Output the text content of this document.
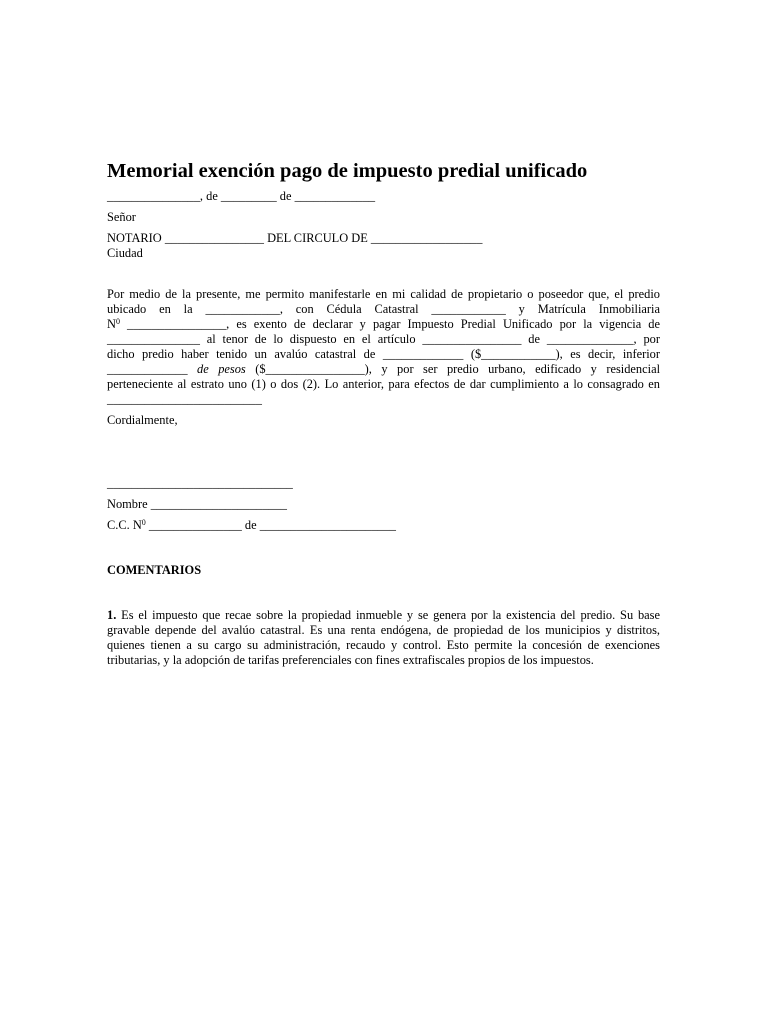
Memorial exención pago de impuesto predial unificado

_______________, de _________ de _____________

Señor

NOTARIO ________________ DEL CIRCULO DE __________________

Ciudad

Por medio de la presente, me permito manifestarle en mi calidad de propietario o poseedor que, el predio
ubicado en la ____________, con Cédula Catastral ____________ y Matrícula Inmobiliaria
$N^0$ ________________, es exento de declarar y pagar Impuesto Predial Unificado por la vigencia de
_______________ al tenor de lo dispuesto en el artículo ________________ de ______________, por
dicho predio haber tenido un avalúo catastral de _____________ ($____________), es decir, inferior
_____________ de pesos ($________________), y por ser predio urbano, edificado y residencial
perteneciente al estrato uno (1) o dos (2). Lo anterior, para efectos de dar cumplimiento a lo consagrado en
_________________________

Cordialmente,

______________________________

Nombre ______________________

C.C. $N^0$ _______________ de ______________________

COMENTARIOS

1. Es el impuesto que recae sobre la propiedad inmueble y se genera por la existencia del predio. Su base
gravable depende del avalúo catastral. Es una renta endógena, de propiedad de los municipios y distritos,
quienes tienen a su cargo su administración, recaudo y control. Esto permite la concesión de exenciones
tributarias, y la adopción de tarifas preferenciales con fines extrafiscales propios de los impuestos.
